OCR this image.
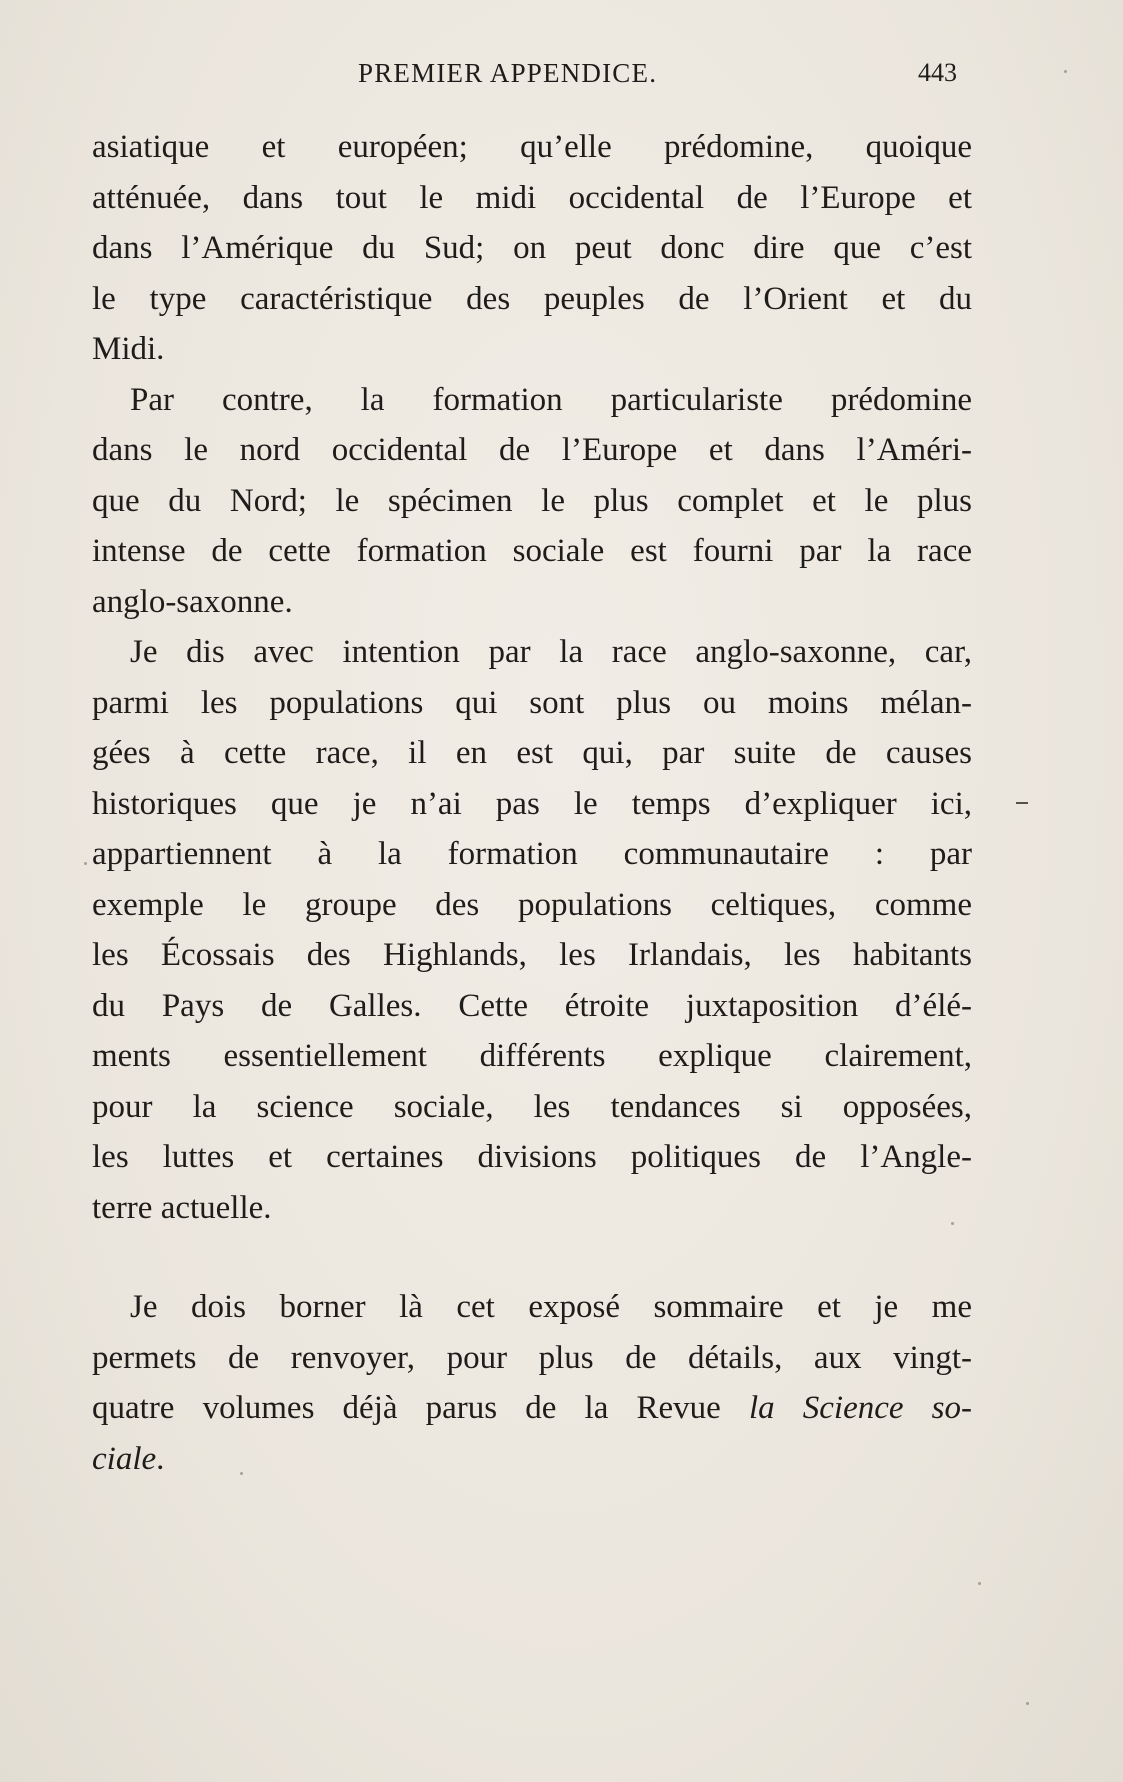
PREMIER APPENDICE.	443

asiatique et européen; qu’elle prédomine, quoique
atténuée, dans tout le midi occidental de l’Europe et
dans l’Amérique du Sud; on peut donc dire que c’est
le type caractéristique des peuples de l’Orient et du
Midi.

Par contre, la formation particulariste prédomine
dans le nord occidental de l’Europe et dans l’Améri-
que du Nord; le spécimen le plus complet et le plus
intense de cette formation sociale est fourni par la race
anglo-saxonne.

Je dis avec intention par la race anglo-saxonne, car,
parmi les populations qui sont plus ou moins mélan-
gées à cette race, il en est qui, par suite de causes
historiques que je n’ai pas le temps d’expliquer ici,
appartiennent à la formation communautaire : par
exemple le groupe des populations celtiques, comme
les Écossais des Highlands, les Irlandais, les habitants
du Pays de Galles. Cette étroite juxtaposition d’élé-
ments essentiellement différents explique clairement,
pour la science sociale, les tendances si opposées,
les luttes et certaines divisions politiques de l’Angle-
terre actuelle.

Je dois borner là cet exposé sommaire et je me
permets de renvoyer, pour plus de détails, aux vingt-
quatre volumes déjà parus de la Revue la Science so-
ciale.
